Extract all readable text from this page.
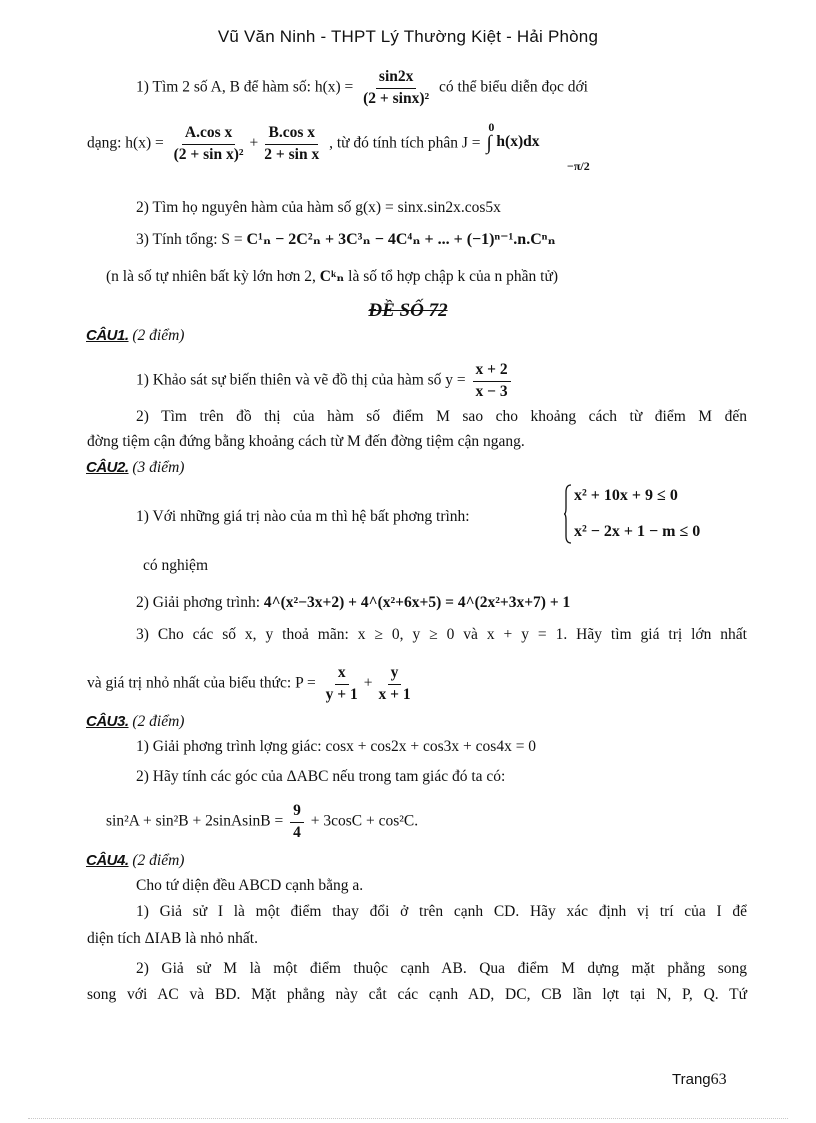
Vũ Văn Ninh - THPT Lý Thường Kiệt - Hải Phòng
1) Tìm 2 số A, B để hàm số: $h(x) = \frac{\sin 2x}{\text{(2 + sinx)²}}$ có thể biểu diễn đọc dới
dạng: $h(x) = \frac{\text{A.cos x}}{\text{(2 + sin x)²}} + \frac{\text{B.cos x}}{\text{2 + sin x}}$ , từ đó tính tích phân J =
0
∫ h(x)dx
−π/2
2) Tìm họ nguyên hàm của hàm số g(x) = sinx.sin2x.cos5x
3) Tính tổng: S = C¹ₙ − 2C²ₙ + 3C³ₙ − 4C⁴ₙ + ... + (−1)ⁿ⁻¹.n.Cⁿₙ
(n là số tự nhiên bất kỳ lớn hơn 2, Cᵏₙ là số tổ hợp chập k của n phần tử)
ĐỀ SỐ 72
CÂU1. (2 điểm)
1) Khảo sát sự biến thiên và vẽ đồ thị của hàm số $y = \frac{x + 2}{x - 3}$
2) Tìm trên đồ thị của hàm số điểm M sao cho khoảng cách từ điểm M đến
đờng tiệm cận đứng bằng khoảng cách từ M đến đờng tiệm cận ngang.
CÂU2. (3 điểm)
1) Với những giá trị nào của m thì hệ bất phơng trình:
x² + 10x + 9 ≤ 0
x² − 2x + 1 − m ≤ 0
có nghiệm
2) Giải phơng trình: 4^(x²−3x+2) + 4^(x²+6x+5) = 4^(2x²+3x+7) + 1
3) Cho các số x, y thoả mãn: x ≥ 0, y ≥ 0 và x + y = 1. Hãy tìm giá trị lớn nhất
và giá trị nhỏ nhất của biểu thức: $P = \frac{x}{y + 1} + \frac{y}{x + 1}$
CÂU3. (2 điểm)
1) Giải phơng trình lợng giác: cosx + cos2x + cos3x + cos4x = 0
2) Hãy tính các góc của ΔABC nếu trong tam giác đó ta có:
sin²A + sin²B + 2sinAsinB = $\frac{9}{4} + 3\cos C + \cos^2C$.
CÂU4. (2 điểm)
Cho tứ diện đều ABCD cạnh bằng a.
1) Giả sử I là một điểm thay đổi ở trên cạnh CD. Hãy xác định vị trí của I để
diện tích ΔIAB là nhỏ nhất.
2) Giả sử M là một điểm thuộc cạnh AB. Qua điểm M dựng mặt phẳng song
song với AC và BD. Mặt phẳng này cắt các cạnh AD, DC, CB lần lợt tại N, P, Q. Tứ
Trang63
